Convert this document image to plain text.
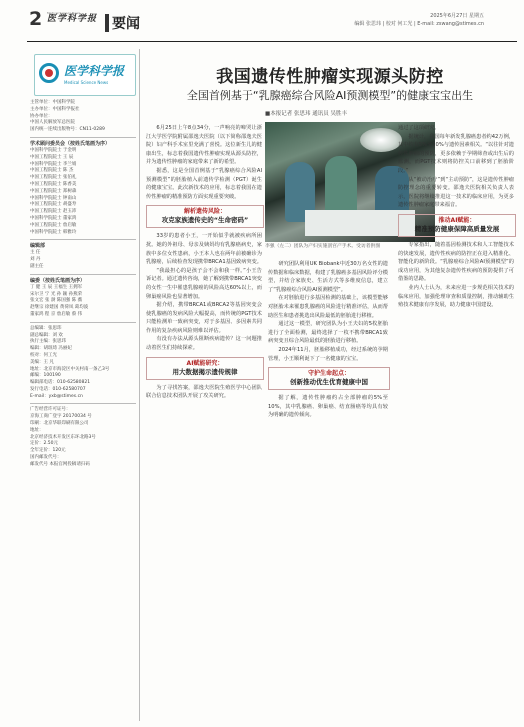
2 Medical Science News
医学科学报 要闻	2025年6月27日 星期五
编辑 张思玮 | 校对 何工光 | E-mail: zswang@stimes.cn
医学科学报
Medical Science News
主管单位：中国科学院
主办单位：中国科学报社
协办单位：
中国人民解放军总医院
国内统一连续出版物号：CN11-0289
学术顾问委员会（按姓氏笔画为序）
中国科学院院士 于金明
中国工程院院士 王 辰
中国科学院院士 李兰娟
中国工程院院士 陈 杰
中国工程院院士 张伯礼
中国工程院院士 陈香美
中国工程院院士 郑树森
中国科学院院士 钟南山
中国工程院院士 胡盛寿
中国工程院院士 赵玉沛
中国科学院院士 董家鸿
中国工程院院士 詹启敏
中国科学院院士 韩雅玲
编辑部
主 任
刘 丹
副主任
编委（按姓氏笔画为序）
丁 健 王 辰 王福生 王拥军
宋尔卫 宁 光 孙 颖 孙燕荣
张文宏 张 澍 陈国强 陈 薇
赵继宗 徐建国 黄荷凤 葛均波
董家鸿 程 京 詹启敏 蔡 伟
总编辑：张思玮
副总编辑：刘 欢
执行主编：张思玮
编辑：胡珉琦 冯丽妃
校对：何工光
美编：王 凡
地址：北京市海淀区中关村南一条乙3号
邮编：100190
编辑部电话：010-62580821
发行电话：010-62580707
E-mail：yxb@stimes.cn
广告经营许可证号：
京海工商广登字 20170034 号
印刷：北京华联印刷有限公司
地址：
北京经济技术开发区东环北路3号
定价：2.50元
全年定价：120元
国内邮发代号：
邮发代号 本报官网投稿请扫码
我国遗传性肿瘤实现源头防控
全国首例基于“乳腺癌综合风险AI预测模型”的健康宝宝出生
■本报记者 张思玮 通讯员 吴胜丰
6月25日上午8点34分，一声响亮的啼哭让浙江大学医学院附属邵逸夫医院（以下简称邵逸夫医院）妇产科手术室里充满了喜悦。这位新生儿的健康出生，标志着我国遗传性肿瘤实现从源头防控，并为遗传性肿瘤的家庭带来了新的希望。
据悉，这是全国首例基于“乳腺癌综合风险AI预测模型”的胚胎植入前遗传学检测（PGT）诞生的健康宝宝。此次新技术的应用，标志着我国在遗传性肿瘤的精准预防方面实现重要突破。
解析遗传风险：
攻克家族遗传史的“生命密码”
33岁的患者小王，一开始似乎就被疾病所困扰。她的外祖母、母亲及姨妈均有乳腺癌病史，家族中多位女性患病，小王本人也在两年前被确诊为乳腺癌，后续检查发现携带BRCA1基因致病突变。
“我最担心的是孩子会不会和我一样。”小王告诉记者。通过遗传咨询，她了解到携带BRCA1突变的女性一生中罹患乳腺癌的风险高达60%以上，而卵巢癌风险也显著增加。
据介绍，携带BRCA1或BRCA2等基因突变会使乳腺癌的发病风险大幅提高，而传统的PGT技术只能检测单一致病突变，对于多基因、多因素共同作用的复杂疾病风险则难以评估。
有没有办法从源头阻断疾病遗传？这一问题推动着医生们持续探索。
AI赋能研究：
用大数据揭示遗传规律
为了寻找答案，邵逸夫医院生殖医学中心团队联合信息技术团队开展了攻关研究。
李强（左二）团队为产妇实施剖宫产手术。受访者供图
研究团队利用UK Biobank中近30万名女性的遗传数据和临床数据，构建了乳腺癌多基因风险评分模型，并结合家族史、生活方式等多维度信息，建立了“乳腺癌综合风险AI预测模型”。
在对胚胎进行多基因检测的基础上，该模型能够对胚胎未来罹患乳腺癌的风险进行精准评估，从而帮助医生和患者挑选出风险最低的胚胎进行移植。
通过这一模型，研究团队为小王夫妇的5枚胚胎进行了全面检测，最终选择了一枚不携带BRCA1致病突变且综合风险最低的胚胎进行移植。
2024年11月，胚胎移植成功，经过系统的孕期管理，小王顺利诞下了一名健康的宝宝。
守护生命起点：
创新推动优生优育健康中国
据了解，遗传性肿瘤约占全部肿瘤的5%至10%，其中乳腺癌、卵巢癌、结直肠癌等均具有较为明确的遗传倾向。
通过了这项研究。
据统计，我国每年新发乳腺癌患者约42万例，其中约有5%至10%与遗传因素相关。“以往针对遗传性肿瘤的预防，更多依赖于孕期筛查或出生后的监测，而PGT技术则将防控关口前移到了胚胎阶段。”
从“被动治疗”到“主动预防”，这是遗传性肿瘤防控理念的重要转变。邵逸夫医院相关负责人表示，医院将继续推进这一技术的临床应用，为更多遗传性肿瘤家庭带来福音。
推动AI赋能：
精准预防健康保障高质量发展
专家指出，随着基因检测技术和人工智能技术的快速发展，遗传性疾病的防控正在进入精准化、智能化的新阶段。“乳腺癌综合风险AI预测模型”的成功应用，为其他复杂遗传性疾病的预防提供了可借鉴的思路。
业内人士认为，未来应进一步规范相关技术的临床应用，加强伦理审查和质量控制，推动辅助生殖技术健康有序发展，助力健康中国建设。
